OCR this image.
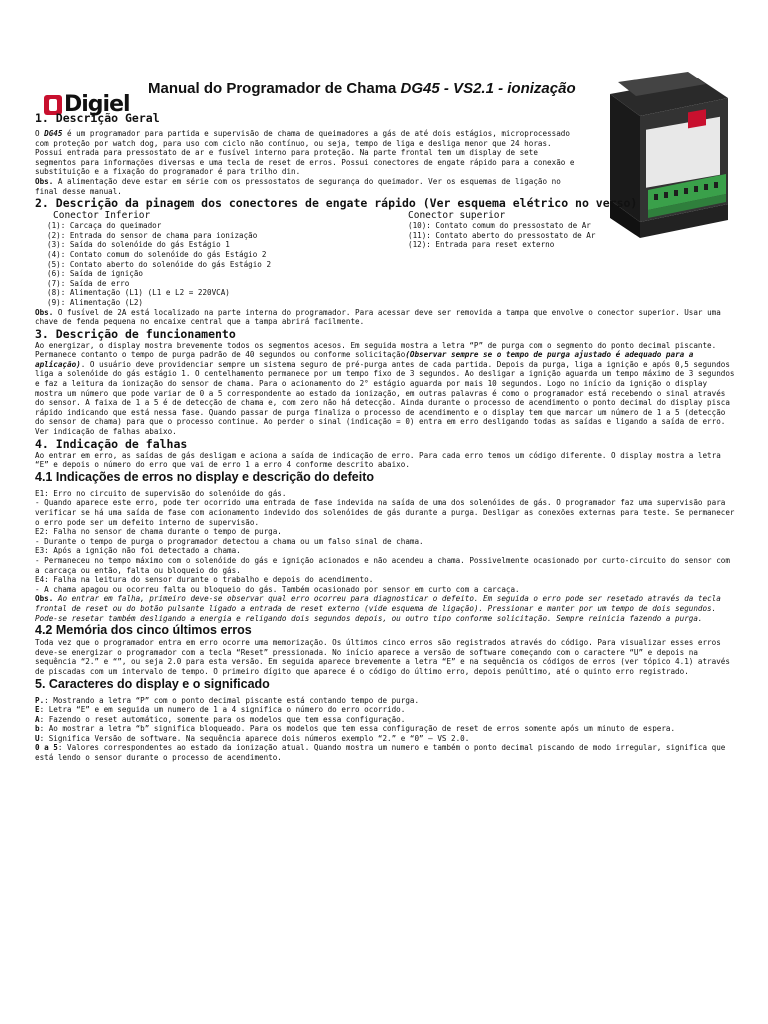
Digiel
Manual do Programador de Chama DG45 - VS2.1 - ionização

1. Descrição Geral

O DG45 é um programador para partida e supervisão de chama de queimadores a gás de até dois estágios, microprocessado com proteção por watch dog, para uso com ciclo não contínuo, ou seja, tempo de liga e desliga menor que 24 horas. Possui entrada para pressostato de ar e fusível interno para proteção. Na parte frontal tem um display de sete segmentos para informações diversas e uma tecla de reset de erros. Possui conectores de engate rápido para a conexão e substituição e a fixação do programador é para trilho din.

Obs. A alimentação deve estar em série com os pressostatos de segurança do queimador. Ver os esquemas de ligação no final desse manual.

2. Descrição da pinagem dos conectores de engate rápido (Ver esquema elétrico no verso)

Conector Inferior

(1): Carcaça do queimador

(2): Entrada do sensor de chama para ionização

(3): Saída do solenóide do gás Estágio 1

(4): Contato comum do solenóide do gás Estágio 2

(5): Contato aberto do solenóide do gás Estágio 2

(6): Saída de ignição

(7): Saída de erro

(8): Alimentação (L1) (L1 e L2 = 220VCA)

(9): Alimentação (L2)

Conector superior

(10): Contato comum do pressostato de Ar

(11): Contato aberto do pressostato de Ar

(12): Entrada para reset externo

Obs. O fusível de 2A está localizado na parte interna do programador. Para acessar deve ser removida a tampa que envolve o conector superior. Usar uma chave de fenda pequena no encaixe central que a tampa abrirá facilmente.

3. Descrição de funcionamento

Ao energizar, o display mostra brevemente todos os segmentos acesos. Em seguida mostra a letra “P” de purga com o segmento do ponto decimal piscante. Permanece contanto o tempo de purga padrão de 40 segundos ou conforme solicitação(Observar sempre se o tempo de purga ajustado é adequado para a aplicação). O usuário deve providenciar sempre um sistema seguro de pré-purga antes de cada partida. Depois da purga, liga a ignição e após 0,5 segundos liga a solenóide do gás estágio 1. O centelhamento permanece por um tempo fixo de 3 segundos. Ao desligar a ignição aguarda um tempo máximo de 3 segundos e faz a leitura da ionização do sensor de chama. Para o acionamento do 2° estágio aguarda por mais 10 segundos. Logo no início da ignição o display mostra um número que pode variar de 0 a 5 correspondente ao estado da ionização, em outras palavras é como o programador está recebendo o sinal através do sensor. A faixa de 1 a 5 é de detecção de chama e, com zero não há detecção. Ainda durante o processo de acendimento o ponto decimal do display pisca rápido indicando que está nessa fase. Quando passar de purga finaliza o processo de acendimento e o display tem que marcar um número de 1 a 5 (detecção do sensor de chama) para que o processo continue. Ao perder o sinal (indicação = 0) entra em erro desligando todas as saídas e ligando a saída de erro. Ver indicação de falhas abaixo.

4. Indicação de falhas

Ao entrar em erro, as saídas de gás desligam e aciona a saída de indicação de erro. Para cada erro temos um código diferente. O display mostra a letra “E” e depois o número do erro que vai de erro 1 a erro 4 conforme descrito abaixo.

4.1 Indicações de erros no display e descrição do defeito

E1: Erro no circuito de supervisão do solenóide do gás.

- Quando aparece este erro, pode ter ocorrido uma entrada de fase indevida na saída de uma dos solenóides de gás. O programador faz uma supervisão para verificar se há uma saída de fase com acionamento indevido dos solenóides de gás durante a purga. Desligar as conexões externas para teste. Se permanecer o erro pode ser um defeito interno de supervisão.

E2: Falha no sensor de chama durante o tempo de purga.

- Durante o tempo de purga o programador detectou a chama ou um falso sinal de chama.

E3: Após a ignição não foi detectado a chama.

- Permaneceu no tempo máximo com o solenóide do gás e ignição acionados e não acendeu a chama. Possivelmente ocasionado por curto-circuito do sensor com a carcaça ou então, falta ou bloqueio do gás.

E4: Falha na leitura do sensor durante o trabalho e depois do acendimento.

- A chama apagou ou ocorreu falta ou bloqueio do gás. Também ocasionado por sensor em curto com a carcaça.

Obs. Ao entrar em falha, primeiro deve-se observar qual erro ocorreu para diagnosticar o defeito. Em seguida o erro pode ser resetado através da tecla frontal de reset ou do botão pulsante ligado a entrada de reset externo (vide esquema de ligação). Pressionar e manter por um tempo de dois segundos. Pode-se resetar também desligando a energia e religando dois segundos depois, ou outro tipo conforme solicitação. Sempre reinicia fazendo a purga.

4.2 Memória dos cinco últimos erros

Toda vez que o programador entra em erro ocorre uma memorização. Os últimos cinco erros são registrados através do código. Para visualizar esses erros deve-se energizar o programador com a tecla “Reset” pressionada. No início aparece a versão de software começando com o caractere “U” e depois na sequência “2.” e “”, ou seja 2.0 para esta versão. Em seguida aparece brevemente a letra “E” e na sequência os códigos de erros (ver tópico 4.1) através de piscadas com um intervalo de tempo. O primeiro dígito que aparece é o código do último erro, depois penúltimo, até o quinto erro registrado.

5. Caracteres do display e o significado

P.: Mostrando a letra “P” com o ponto decimal piscante está contando tempo de purga.

E: Letra “E” e em seguida um numero de 1 a 4 significa o número do erro ocorrido.

A: Fazendo o reset automático, somente para os modelos que tem essa configuração.

b: Ao mostrar a letra “b” significa bloqueado. Para os modelos que tem essa configuração de reset de erros somente após um minuto de espera.

U: Significa Versão de software. Na sequência aparece dois números exemplo “2.” e “0” – VS 2.0.

0 a 5: Valores correspondentes ao estado da ionização atual. Quando mostra um numero e também o ponto decimal piscando de modo irregular, significa que está lendo o sensor durante o processo de acendimento.
